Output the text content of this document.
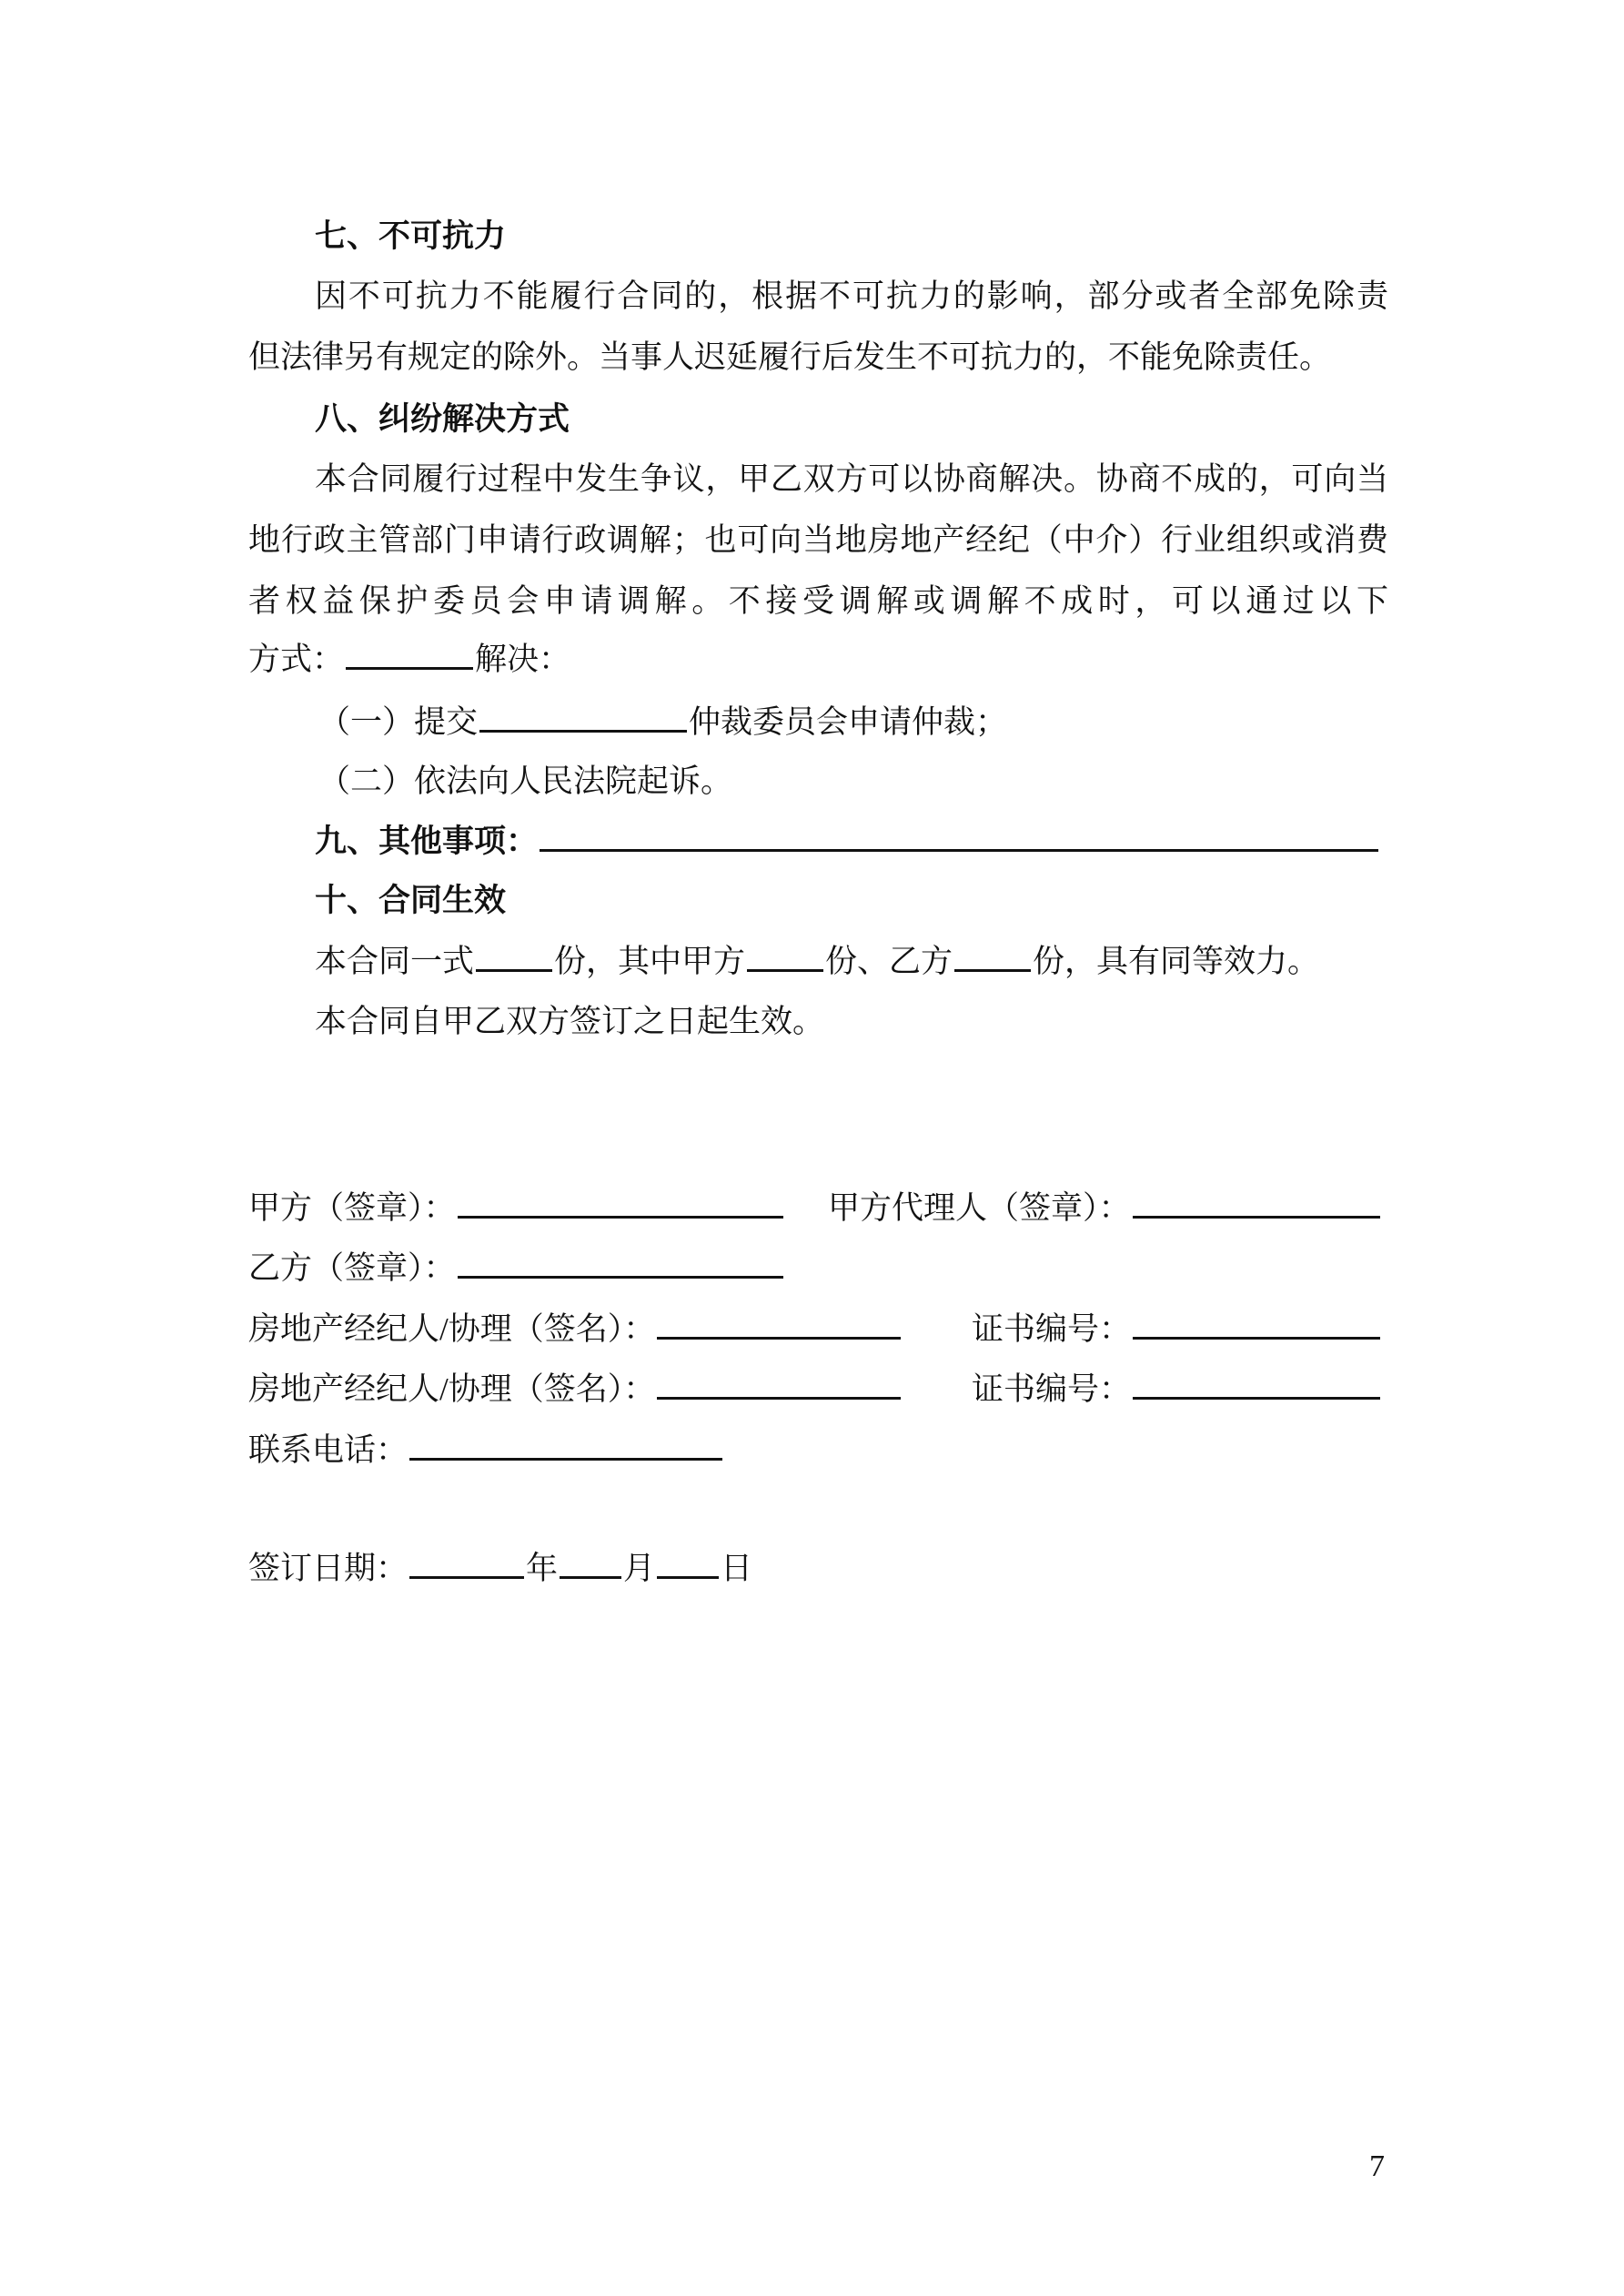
七、不可抗力
因不可抗力不能履行合同的，根据不可抗力的影响，部分或者全部免除责
但法律另有规定的除外。当事人迟延履行后发生不可抗力的，不能免除责任。
八、纠纷解决方式
本合同履行过程中发生争议，甲乙双方可以协商解决。协商不成的，可向当
地行政主管部门申请行政调解；也可向当地房地产经纪（中介）行业组织或消费
者权益保护委员会申请调解。不接受调解或调解不成时，可以通过以下
方式：	解决：
（一）提交	仲裁委员会申请仲裁；
（二）依法向人民法院起诉。
九、其他事项：
十、合同生效
本合同一式	份，其中甲方	份、乙方	份，具有同等效力。
本合同自甲乙双方签订之日起生效。
甲方（签章）：	甲方代理人（签章）：
乙方（签章）：
房地产经纪人/协理（签名）：	证书编号：
房地产经纪人/协理（签名）：	证书编号：
联系电话：
签订日期：	年 月 日
7
